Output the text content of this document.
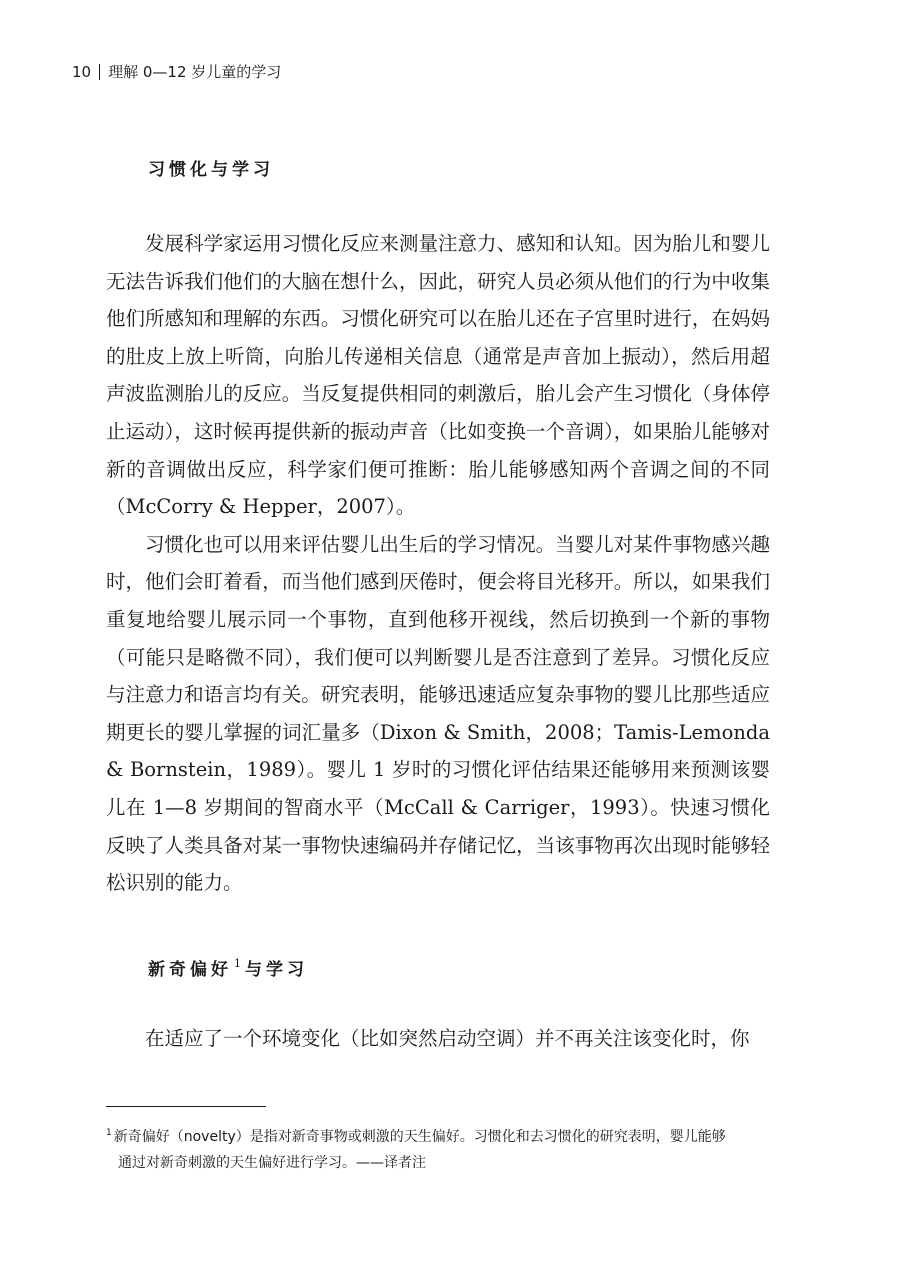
10 理解 0—12 岁儿童的学习
习惯化与学习

发展科学家运用习惯化反应来测量注意力、感知和认知。因为胎儿和婴儿无法告诉我们他们的大脑在想什么，因此，研究人员必须从他们的行为中收集他们所感知和理解的东西。习惯化研究可以在胎儿还在子宫里时进行，在妈妈的肚皮上放上听筒，向胎儿传递相关信息（通常是声音加上振动），然后用超声波监测胎儿的反应。当反复提供相同的刺激后，胎儿会产生习惯化（身体停止运动），这时候再提供新的振动声音（比如变换一个音调），如果胎儿能够对新的音调做出反应，科学家们便可推断：胎儿能够感知两个音调之间的不同（McCorry & Hepper，2007）。

习惯化也可以用来评估婴儿出生后的学习情况。当婴儿对某件事物感兴趣时，他们会盯着看，而当他们感到厌倦时，便会将目光移开。所以，如果我们重复地给婴儿展示同一个事物，直到他移开视线，然后切换到一个新的事物（可能只是略微不同），我们便可以判断婴儿是否注意到了差异。习惯化反应与注意力和语言均有关。研究表明，能够迅速适应复杂事物的婴儿比那些适应期更长的婴儿掌握的词汇量多（Dixon & Smith，2008；Tamis-Lemonda & Bornstein，1989）。婴儿 1 岁时的习惯化评估结果还能够用来预测该婴儿在 1—8 岁期间的智商水平（McCall & Carriger，1993）。快速习惯化反映了人类具备对某一事物快速编码并存储记忆，当该事物再次出现时能够轻松识别的能力。

新奇偏好 $^1$ 与学习

在适应了一个环境变化（比如突然启动空调）并不再关注该变化时，你

$^1$ 新奇偏好（novelty）是指对新奇事物或刺激的天生偏好。习惯化和去习惯化的研究表明，婴儿能够
通过对新奇刺激的天生偏好进行学习。——译者注
